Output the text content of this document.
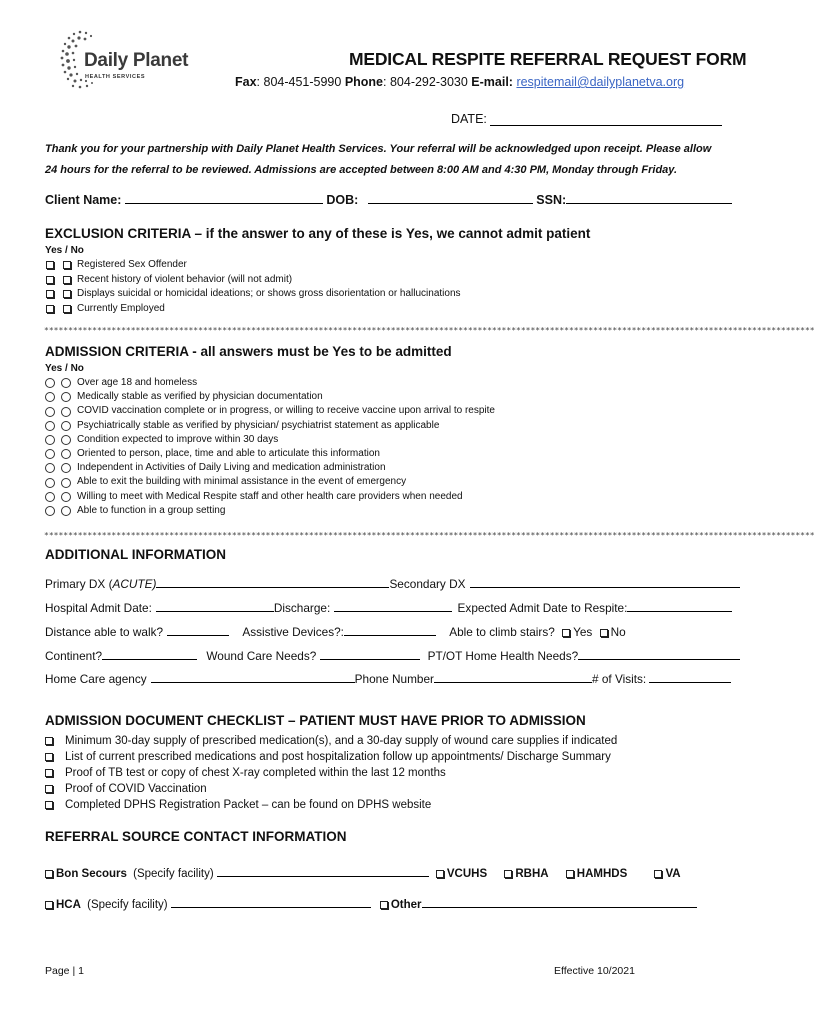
Daily Planet
HEALTH SERVICES
MEDICAL RESPITE REFERRAL REQUEST FORM
Fax: 804-451-5990 Phone: 804-292-3030 E-mail: respitemail@dailyplanetva.org
DATE:
Thank you for your partnership with Daily Planet Health Services. Your referral will be acknowledged upon receipt. Please allow
24 hours for the referral to be reviewed. Admissions are accepted between 8:00 AM and 4:30 PM, Monday through Friday.
Client Name:	DOB:	SSN:
EXCLUSION CRITERIA – if the answer to any of these is Yes, we cannot admit patient
Yes / No
Registered Sex Offender
Recent history of violent behavior (will not admit)
Displays suicidal or homicidal ideations; or shows gross disorientation or hallucinations
Currently Employed
****************************************************************************************************************************************************************
ADMISSION CRITERIA - all answers must be Yes to be admitted
Yes / No
Over age 18 and homeless
Medically stable as verified by physician documentation
COVID vaccination complete or in progress, or willing to receive vaccine upon arrival to respite
Psychiatrically stable as verified by physician/ psychiatrist statement as applicable
Condition expected to improve within 30 days
Oriented to person, place, time and able to articulate this information
Independent in Activities of Daily Living and medication administration
Able to exit the building with minimal assistance in the event of emergency
Willing to meet with Medical Respite staff and other health care providers when needed
Able to function in a group setting
****************************************************************************************************************************************************************
ADDITIONAL INFORMATION
Primary DX (ACUTE)	Secondary DX
Hospital Admit Date:	Discharge:	Expected Admit Date to Respite:
Distance able to walk?	Assistive Devices?:	Able to climb stairs? Yes No
Continent?	Wound Care Needs?	PT/OT Home Health Needs?
Home Care agency	Phone Number	# of Visits:
ADMISSION DOCUMENT CHECKLIST – PATIENT MUST HAVE PRIOR TO ADMISSION
Minimum 30-day supply of prescribed medication(s), and a 30-day supply of wound care supplies if indicated
List of current prescribed medications and post hospitalization follow up appointments/ Discharge Summary
Proof of TB test or copy of chest X-ray completed within the last 12 months
Proof of COVID Vaccination
Completed DPHS Registration Packet – can be found on DPHS website
REFERRAL SOURCE CONTACT INFORMATION
Bon Secours (Specify facility)	VCUHS RBHA HAMHDS	VA
HCA (Specify facility)	Other
Page | 1	Effective 10/2021
